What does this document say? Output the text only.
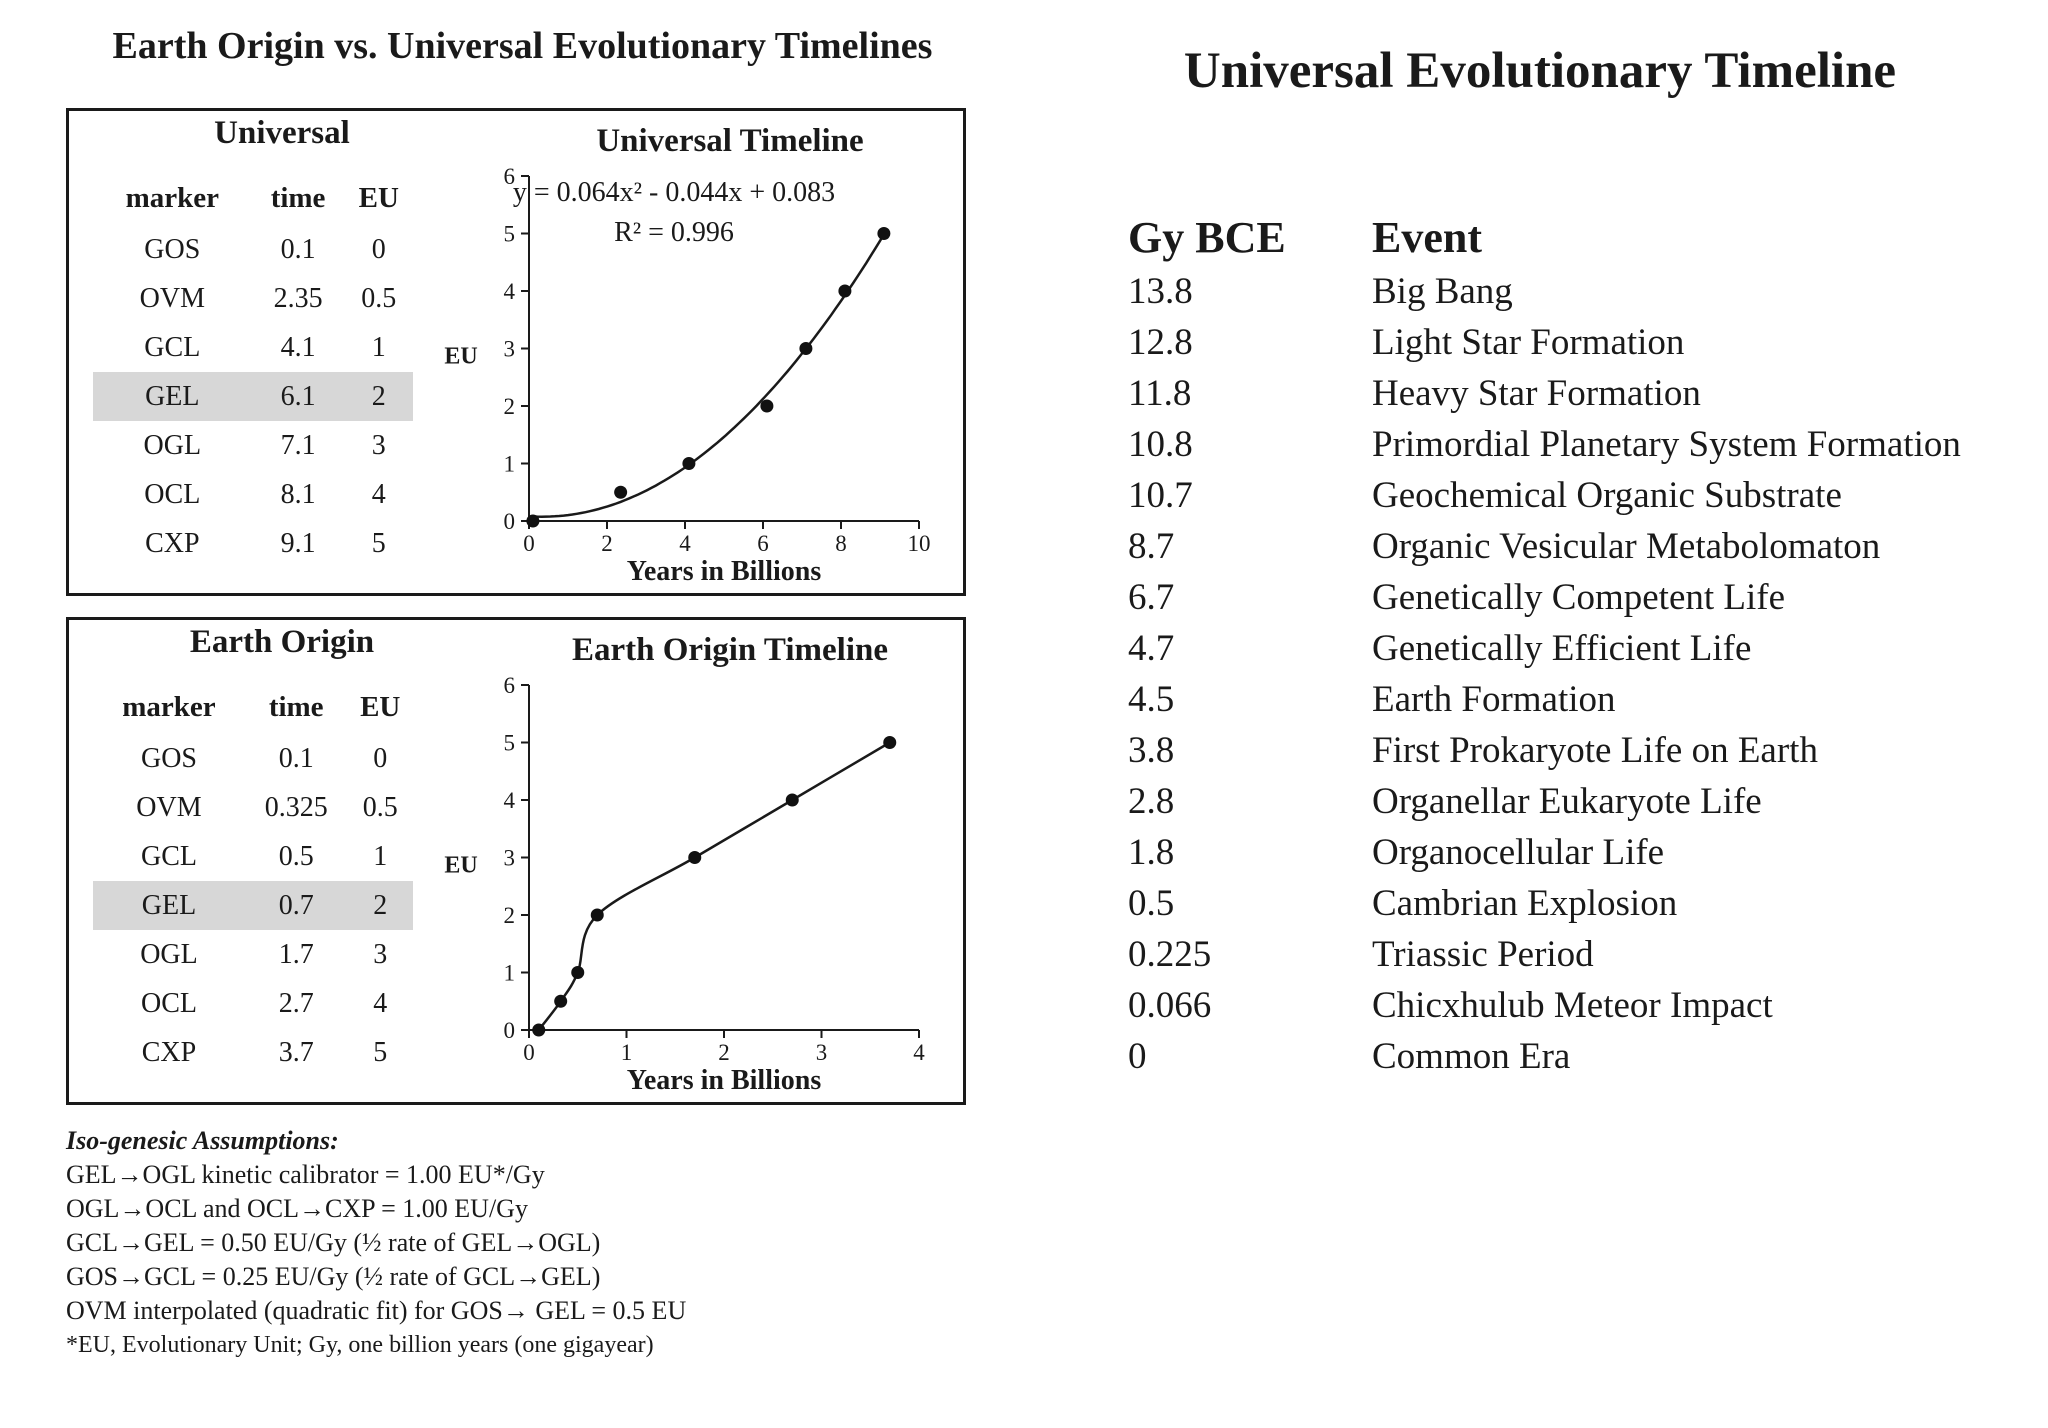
Earth Origin vs. Universal Evolutionary Timelines
Universal
marker	time	EU
GOS	0.1	0
OVM	2.35	0.5
GCL	4.1	1
GEL	6.1	2
OGL	7.1	3
OCL	8.1	4
CXP	9.1	5
Universal Timeline
y = 0.064x² - 0.044x + 0.083
R² = 0.996
0
1
2
3
4
5
6
0	2	4	6	8	10
Years in Billions
EU
Earth Origin
marker	time	EU
GOS	0.1	0
OVM	0.325	0.5
GCL	0.5	1
GEL	0.7	2
OGL	1.7	3
OCL	2.7	4
CXP	3.7	5
Earth Origin Timeline
0
1
2
3
4
5
6
0	1	2	3	4
Years in Billions
EU
Iso-genesic Assumptions:
GEL→OGL kinetic calibrator = 1.00 EU*/Gy
OGL→OCL and OCL→CXP = 1.00 EU/Gy
GCL→GEL = 0.50 EU/Gy (½ rate of GEL→OGL)
GOS→GCL = 0.25 EU/Gy (½ rate of GCL→GEL)
OVM interpolated (quadratic fit) for GOS→ GEL = 0.5 EU
*EU, Evolutionary Unit; Gy, one billion years (one gigayear)
Universal Evolutionary Timeline
Gy BCE Event
13.8	Big Bang
12.8	Light Star Formation
11.8	Heavy Star Formation
10.8	Primordial Planetary System Formation
10.7	Geochemical Organic Substrate
8.7	Organic Vesicular Metabolomaton
6.7	Genetically Competent Life
4.7	Genetically Efficient Life
4.5	Earth Formation
3.8	First Prokaryote Life on Earth
2.8	Organellar Eukaryote Life
1.8	Organocellular Life
0.5	Cambrian Explosion
0.225	Triassic Period
0.066	Chicxhulub Meteor Impact
0	Common Era
